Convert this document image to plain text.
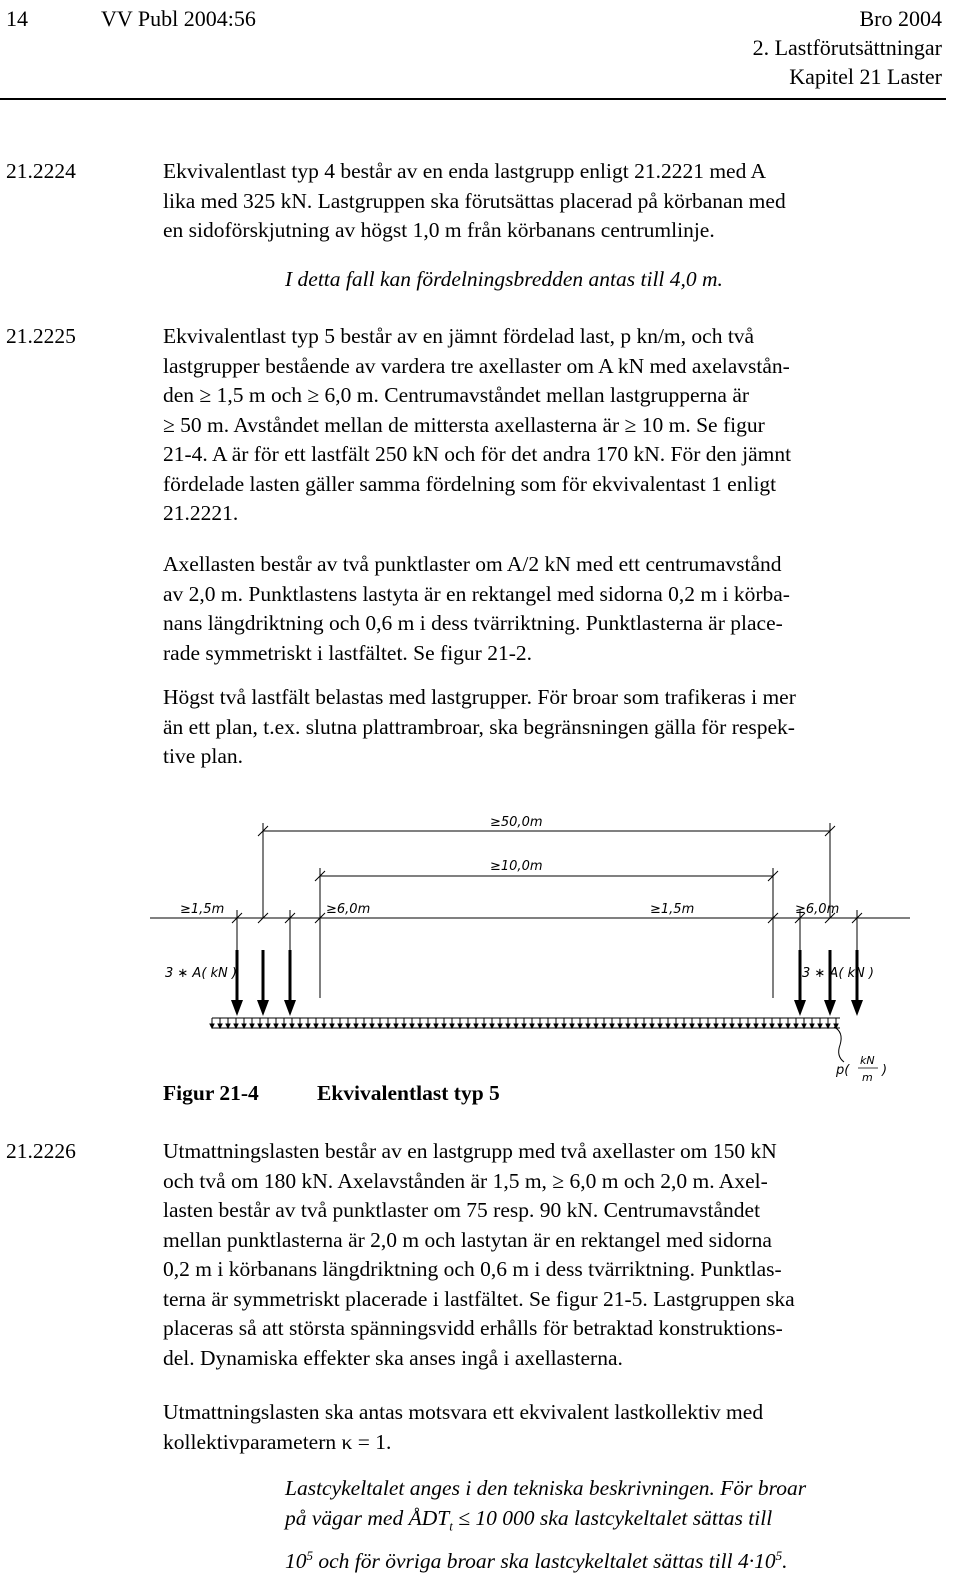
14	VV Publ 2004:56	Bro 2004
2. Lastförutsättningar
Kapitel 21 Laster
21.2224	Ekvivalentlast typ 4 består av en enda lastgrupp enligt 21.2221 med A
lika med 325 kN. Lastgruppen ska förutsättas placerad på körbanan med
en sidoförskjutning av högst 1,0 m från körbanans centrumlinje.
I detta fall kan fördelningsbredden antas till 4,0 m.
21.2225	Ekvivalentlast typ 5 består av en jämnt fördelad last, p kn/m, och två
lastgrupper bestående av vardera tre axellaster om A kN med axelavstån-
den ≥ 1,5 m och ≥ 6,0 m. Centrumavståndet mellan lastgrupperna är
≥ 50 m. Avståndet mellan de mittersta axellasterna är ≥ 10 m. Se figur
21-4. A är för ett lastfält 250 kN och för det andra 170 kN. För den jämnt
fördelade lasten gäller samma fördelning som för ekvivalentast 1 enligt
21.2221.
Axellasten består av två punktlaster om A/2 kN med ett centrumavstånd
av 2,0 m. Punktlastens lastyta är en rektangel med sidorna 0,2 m i körba-
nans längdriktning och 0,6 m i dess tvärriktning. Punktlasterna är place-
rade symmetriskt i lastfältet. Se figur 21-2.
Högst två lastfält belastas med lastgrupper. För broar som trafikeras i mer
än ett plan, t.ex. slutna plattrambroar, ska begränsningen gälla för respek-
tive plan.
≥50,0m
≥10,0m
≥1,5m	≥6,0m	≥1,5m	≥6,0m
3 ∗ A( kN )	3 ∗ A( kN )
p(
kN
m )
Figur 21-4	Ekvivalentlast typ 5
21.2226	Utmattningslasten består av en lastgrupp med två axellaster om 150 kN
och två om 180 kN. Axelavstånden är 1,5 m, ≥ 6,0 m och 2,0 m. Axel-
lasten består av två punktlaster om 75 resp. 90 kN. Centrumavståndet
mellan punktlasterna är 2,0 m och lastytan är en rektangel med sidorna
0,2 m i körbanans längdriktning och 0,6 m i dess tvärriktning. Punktlas-
terna är symmetriskt placerade i lastfältet. Se figur 21-5. Lastgruppen ska
placeras så att största spänningsvidd erhålls för betraktad konstruktions-
del. Dynamiska effekter ska anses ingå i axellasterna.
Utmattningslasten ska antas motsvara ett ekvivalent lastkollektiv med
kollektivparametern κ = 1.
Lastcykeltalet anges i den tekniska beskrivningen. För broar
på vägar med $ÅDT_t \le 10$ 000 ska lastcykeltalet sättas till
$10^5$ och för övriga broar ska lastcykeltalet sättas till $4\cdot 10^5$.
